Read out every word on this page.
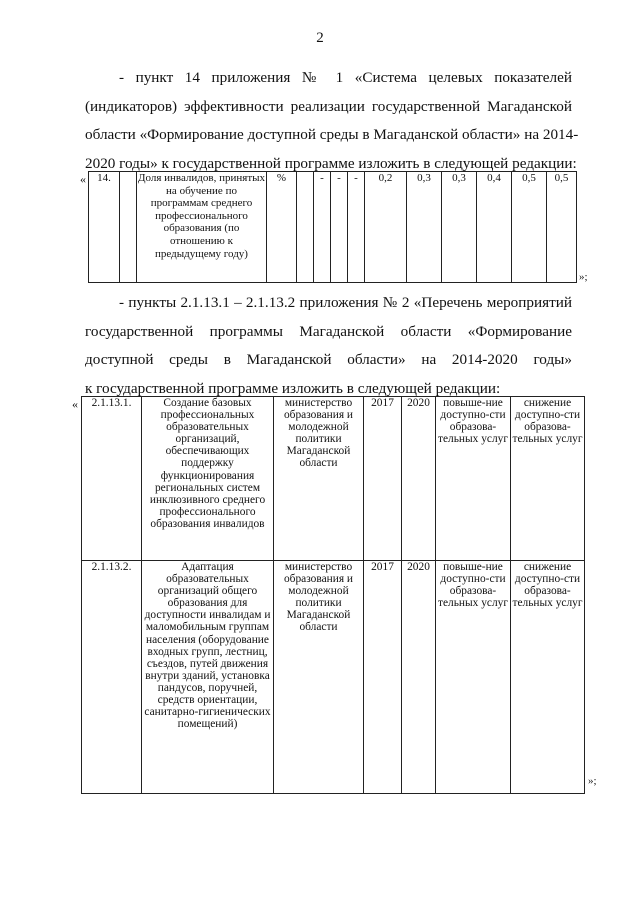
2
- пункт 14 приложения № 1 «Система целевых показателей
(индикаторов) эффективности реализации государственной Магаданской
области «Формирование доступной среды в Магаданской области» на 2014-
2020 годы» к государственной программе изложить в следующей редакции:
« 14.		Доля инвалидов, принятых на обучение по программам среднего профессионального образования (по отношению к предыдущему году)	%		-	-	-	0,2	0,3	0,3	0,4	0,5	0,5
»;
- пункты 2.1.13.1 – 2.1.13.2 приложения № 2 «Перечень мероприятий
государственной программы Магаданской области «Формирование
доступной среды в Магаданской области» на 2014-2020 годы»
к государственной программе изложить в следующей редакции:
« 2.1.13.1.	Создание базовых профессиональных образовательных организаций, обеспечивающих поддержку функционирования региональных систем инклюзивного среднего профессионального образования инвалидов	министерство образования и молодежной политики Магаданской области	2017	2020	повыше-ние доступно-сти образова-тельных услуг	снижение доступно-сти образова-тельных услуг
2.1.13.2.	Адаптация образовательных организаций общего образования для доступности инвалидам и маломобильным группам населения (оборудование входных групп, лестниц, съездов, путей движения внутри зданий, установка пандусов, поручней, средств ориентации, санитарно-гигиенических помещений)	министерство образования и молодежной политики Магаданской области	2017	2020	повыше-ние доступно-сти образова-тельных услуг	снижение доступно-сти образова-тельных услуг
»;
